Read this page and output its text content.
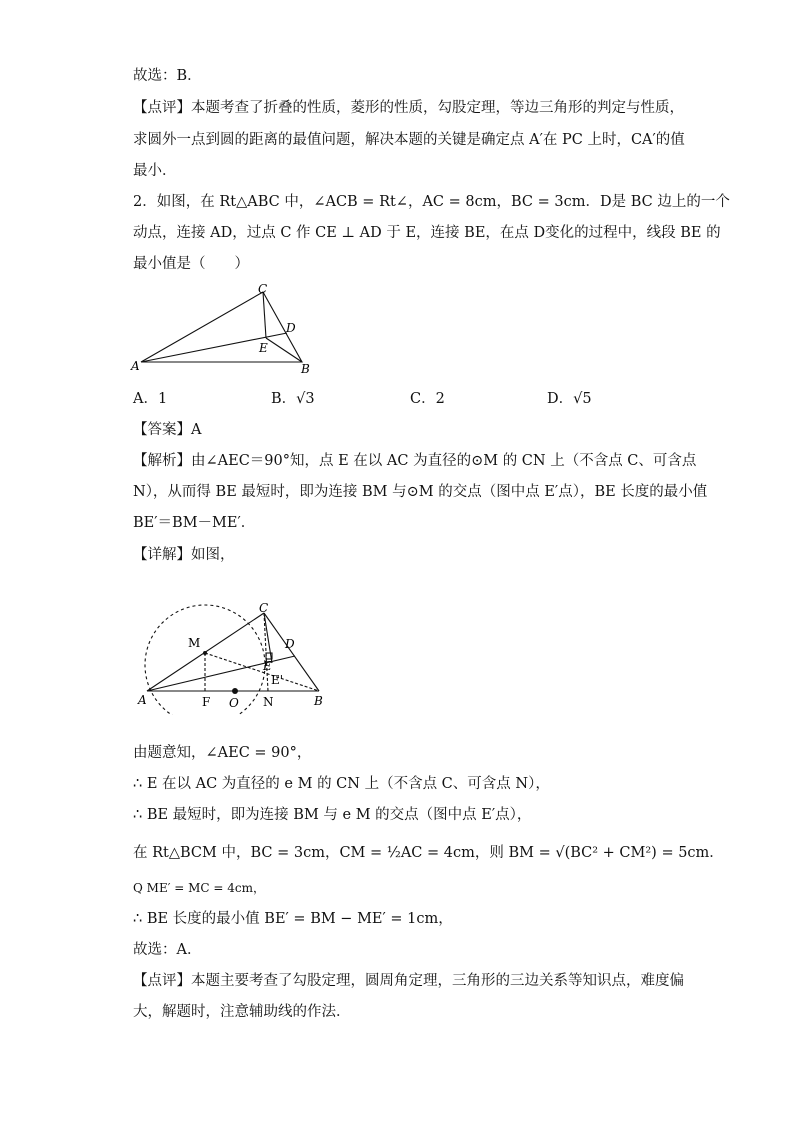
故选：B．
【点评】本题考查了折叠的性质，菱形的性质，勾股定理，等边三角形的判定与性质，
求圆外一点到圆的距离的最值问题，解决本题的关键是确定点 A′在 PC 上时，CA′的值
最小．
2．如图，在 Rt△ABC 中，∠ACB = Rt∠，AC = 8cm，BC = 3cm．D是 BC 边上的一个
动点，连接 AD，过点 C 作 CE ⊥ AD 于 E，连接 BE，在点 D变化的过程中，线段 BE 的
最小值是（　　）
C
D
E
A	B
A．1	B．√3	C．2	D．√5
【答案】A
【解析】由∠AEC＝90°知，点 E 在以 AC 为直径的⊙M 的 CN 上（不含点 C、可含点
N），从而得 BE 最短时，即为连接 BM 与⊙M 的交点（图中点 E′点），BE 长度的最小值
BE′＝BM－ME′．
【详解】如图，
C
M	D
E
E'
A	F O N	B
由题意知，∠AEC = 90°，
∴ E 在以 AC 为直径的 e M 的 CN 上（不含点 C、可含点 N），
∴ BE 最短时，即为连接 BM 与 e M 的交点（图中点 E′点），
在 Rt△BCM 中，BC = 3cm，CM = ½AC = 4cm，则 BM = √(BC² + CM²) = 5cm．
Q ME′ = MC = 4cm，
∴ BE 长度的最小值 BE′ = BM − ME′ = 1cm，
故选：A．
【点评】本题主要考查了勾股定理，圆周角定理，三角形的三边关系等知识点，难度偏
大，解题时，注意辅助线的作法．
